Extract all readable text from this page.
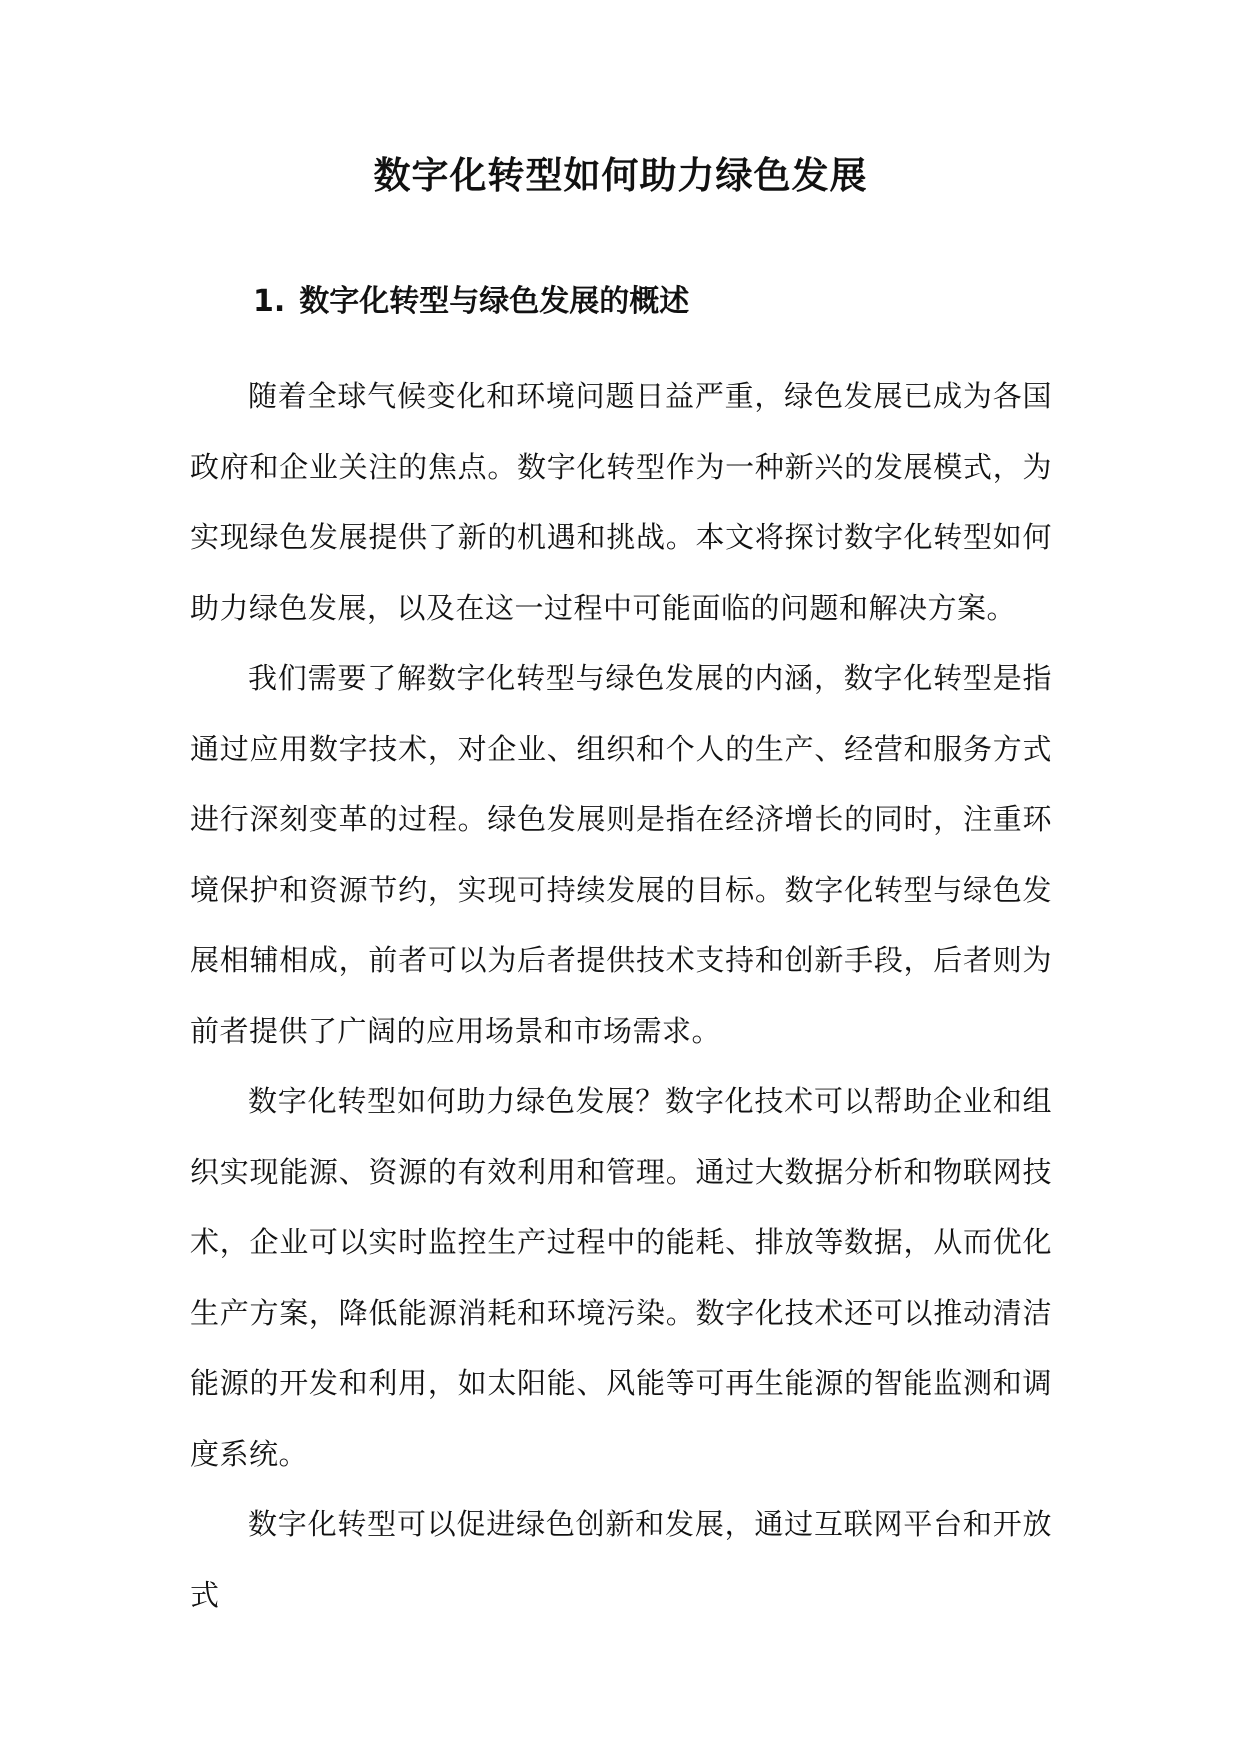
数字化转型如何助力绿色发展
1. 数字化转型与绿色发展的概述

随着全球气候变化和环境问题日益严重，绿色发展已成为各国政府和企业关注的焦点。数字化转型作为一种新兴的发展模式，为实现绿色发展提供了新的机遇和挑战。本文将探讨数字化转型如何助力绿色发展，以及在这一过程中可能面临的问题和解决方案。

我们需要了解数字化转型与绿色发展的内涵，数字化转型是指通过应用数字技术，对企业、组织和个人的生产、经营和服务方式进行深刻变革的过程。绿色发展则是指在经济增长的同时，注重环境保护和资源节约，实现可持续发展的目标。数字化转型与绿色发展相辅相成，前者可以为后者提供技术支持和创新手段，后者则为前者提供了广阔的应用场景和市场需求。

数字化转型如何助力绿色发展？数字化技术可以帮助企业和组织实现能源、资源的有效利用和管理。通过大数据分析和物联网技术，企业可以实时监控生产过程中的能耗、排放等数据，从而优化生产方案，降低能源消耗和环境污染。数字化技术还可以推动清洁能源的开发和利用，如太阳能、风能等可再生能源的智能监测和调度系统。

数字化转型可以促进绿色创新和发展，通过互联网平台和开放式
